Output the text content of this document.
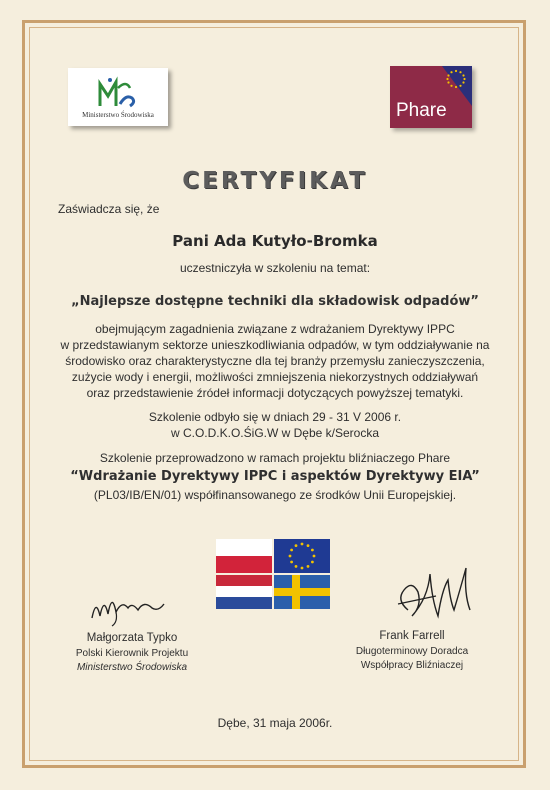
Ministerstwo Środowiska	Phare
CERTYFIKAT
Zaświadcza się, że
Pani Ada Kutyło-Bromka
uczestniczyła w szkoleniu na temat:
„Najlepsze dostępne techniki dla składowisk odpadów”
obejmującym zagadnienia związane z wdrażaniem Dyrektywy IPPC
w przedstawianym sektorze unieszkodliwiania odpadów, w tym oddziaływanie na
środowisko oraz charakterystyczne dla tej branży przemysłu zanieczyszczenia,
zużycie wody i energii, możliwości zmniejszenia niekorzystnych oddziaływań
oraz przedstawienie źródeł informacji dotyczących powyższej tematyki.
Szkolenie odbyło się w dniach 29 - 31 V 2006 r.
w C.O.D.K.O.ŚiG.W w Dębe k/Serocka
Szkolenie przeprowadzono w ramach projektu bliźniaczego Phare
“Wdrażanie Dyrektywy IPPC i aspektów Dyrektywy EIA”
(PL03/IB/EN/01) współfinansowanego ze środków Unii Europejskiej.
Małgorzata Typko
Polski Kierownik Projektu
Ministerstwo Środowiska
Frank Farrell
Długoterminowy Doradca
Współpracy Bliźniaczej
Dębe, 31 maja 2006r.
